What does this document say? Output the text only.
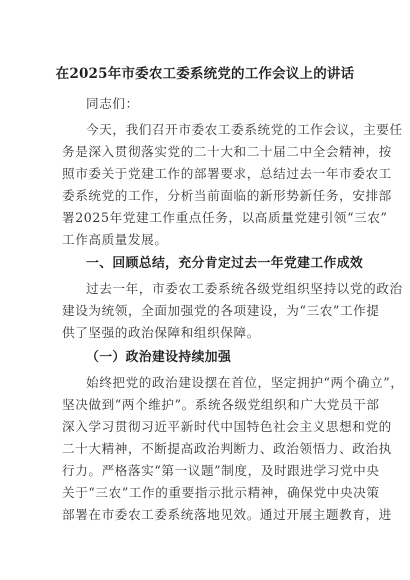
在2025年市委农工委系统党的工作会议上的讲话
同志们：
今天，我们召开市委农工委系统党的工作会议，主要任
务是深入贯彻落实党的二十大和二十届二中全会精神，按
照市委关于党建工作的部署要求，总结过去一年市委农工
委系统党的工作，分析当前面临的新形势新任务，安排部
署2025年党建工作重点任务，以高质量党建引领“三农”
工作高质量发展。
一、回顾总结，充分肯定过去一年党建工作成效
过去一年，市委农工委系统各级党组织坚持以党的政治
建设为统领，全面加强党的各项建设，为“三农”工作提
供了坚强的政治保障和组织保障。
（一）政治建设持续加强
始终把党的政治建设摆在首位，坚定拥护“两个确立”，
坚决做到“两个维护”。系统各级党组织和广大党员干部
深入学习贯彻习近平新时代中国特色社会主义思想和党的
二十大精神，不断提高政治判断力、政治领悟力、政治执
行力。严格落实“第一议题”制度，及时跟进学习党中央
关于“三农”工作的重要指示批示精神，确保党中央决策
部署在市委农工委系统落地见效。通过开展主题教育，进
